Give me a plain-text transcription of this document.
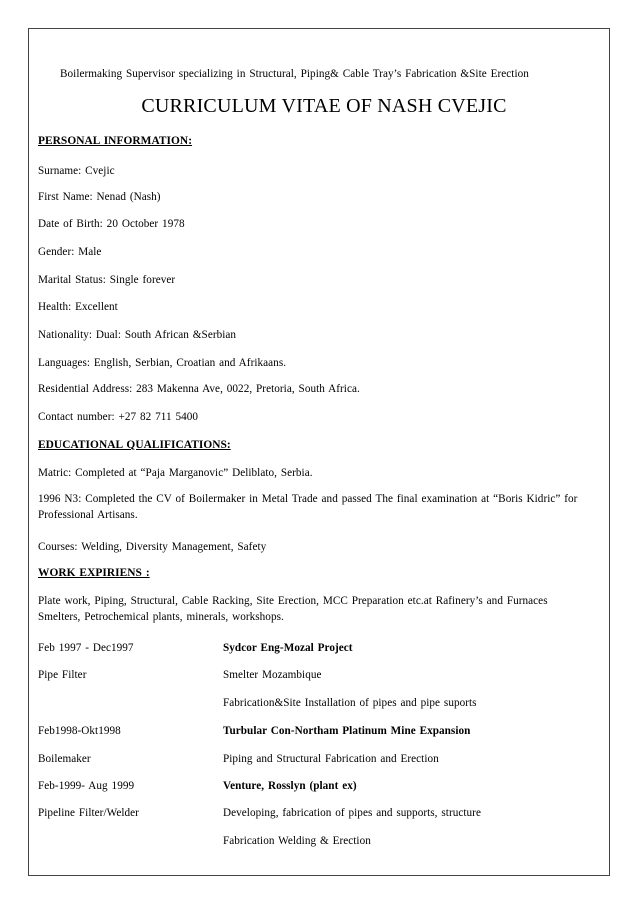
Boilermaking Supervisor specializing in Structural, Piping& Cable Tray’s Fabrication &Site Erection
CURRICULUM VITAE OF NASH CVEJIC
PERSONAL INFORMATION:
Surname: Cvejic
First Name: Nenad (Nash)
Date of Birth: 20 October 1978
Gender: Male
Marital Status: Single forever
Health: Excellent
Nationality: Dual: South African &Serbian
Languages: English, Serbian, Croatian and Afrikaans.
Residential Address: 283 Makenna Ave, 0022, Pretoria, South Africa.
Contact number: +27 82 711 5400
EDUCATIONAL QUALIFICATIONS:
Matric: Completed at “Paja Marganovic” Deliblato, Serbia.
1996 N3: Completed the CV of Boilermaker in Metal Trade and passed The final examination at “Boris Kidric” for Professional Artisans.
Courses: Welding, Diversity Management, Safety
WORK EXPIRIENS :
Plate work, Piping, Structural, Cable Racking, Site Erection, MCC Preparation etc.at Rafinery’s and Furnaces Smelters, Petrochemical plants, minerals, workshops.
Feb 1997 - Dec1997	Sydcor Eng-Mozal Project
Pipe Filter	Smelter Mozambique
Fabrication&Site Installation of pipes and pipe suports
Feb1998-Okt1998	Turbular Con-Northam Platinum Mine Expansion
Boilemaker	Piping and Structural Fabrication and Erection
Feb-1999- Aug 1999	Venture, Rosslyn (plant ex)
Pipeline Filter/Welder	Developing, fabrication of pipes and supports, structure
Fabrication Welding & Erection
